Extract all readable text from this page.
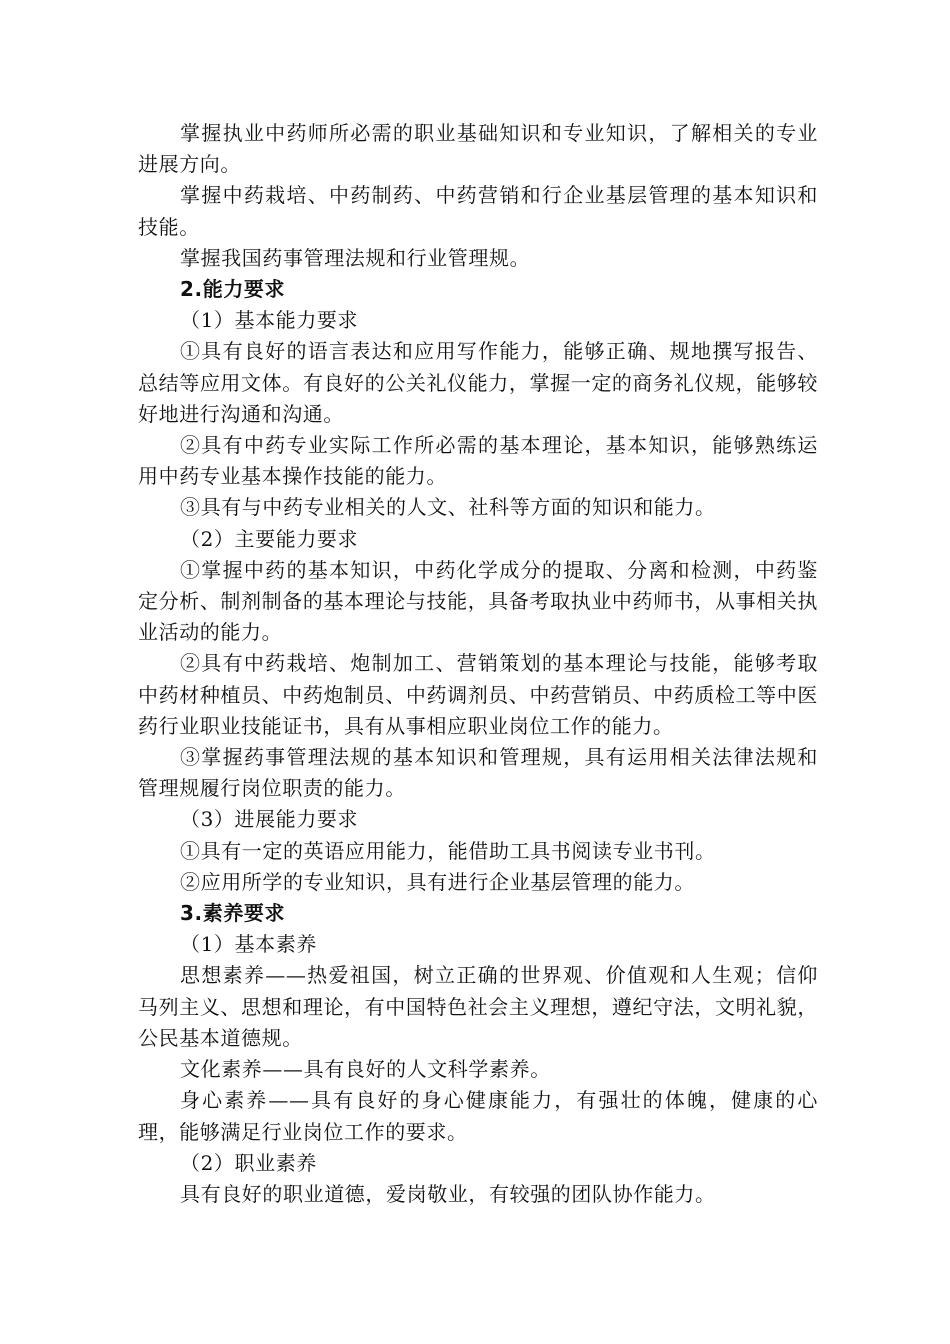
掌握执业中药师所必需的职业基础知识和专业知识，了解相关的专业进展方向。

掌握中药栽培、中药制药、中药营销和行企业基层管理的基本知识和技能。

掌握我国药事管理法规和行业管理规。

2.能力要求

（1）基本能力要求

①具有良好的语言表达和应用写作能力，能够正确、规地撰写报告、总结等应用文体。有良好的公关礼仪能力，掌握一定的商务礼仪规，能够较好地进行沟通和沟通。

②具有中药专业实际工作所必需的基本理论，基本知识，能够熟练运用中药专业基本操作技能的能力。

③具有与中药专业相关的人文、社科等方面的知识和能力。

（2）主要能力要求

①掌握中药的基本知识，中药化学成分的提取、分离和检测，中药鉴定分析、制剂制备的基本理论与技能，具备考取执业中药师书，从事相关执业活动的能力。

②具有中药栽培、炮制加工、营销策划的基本理论与技能，能够考取中药材种植员、中药炮制员、中药调剂员、中药营销员、中药质检工等中医药行业职业技能证书，具有从事相应职业岗位工作的能力。

③掌握药事管理法规的基本知识和管理规，具有运用相关法律法规和管理规履行岗位职责的能力。

（3）进展能力要求

①具有一定的英语应用能力，能借助工具书阅读专业书刊。

②应用所学的专业知识，具有进行企业基层管理的能力。

3.素养要求

（1）基本素养

思想素养——热爱祖国，树立正确的世界观、价值观和人生观；信仰马列主义、思想和理论，有中国特色社会主义理想，遵纪守法，文明礼貌，公民基本道德规。

文化素养——具有良好的人文科学素养。

身心素养——具有良好的身心健康能力，有强壮的体魄，健康的心理，能够满足行业岗位工作的要求。

（2）职业素养

具有良好的职业道德，爱岗敬业，有较强的团队协作能力。
